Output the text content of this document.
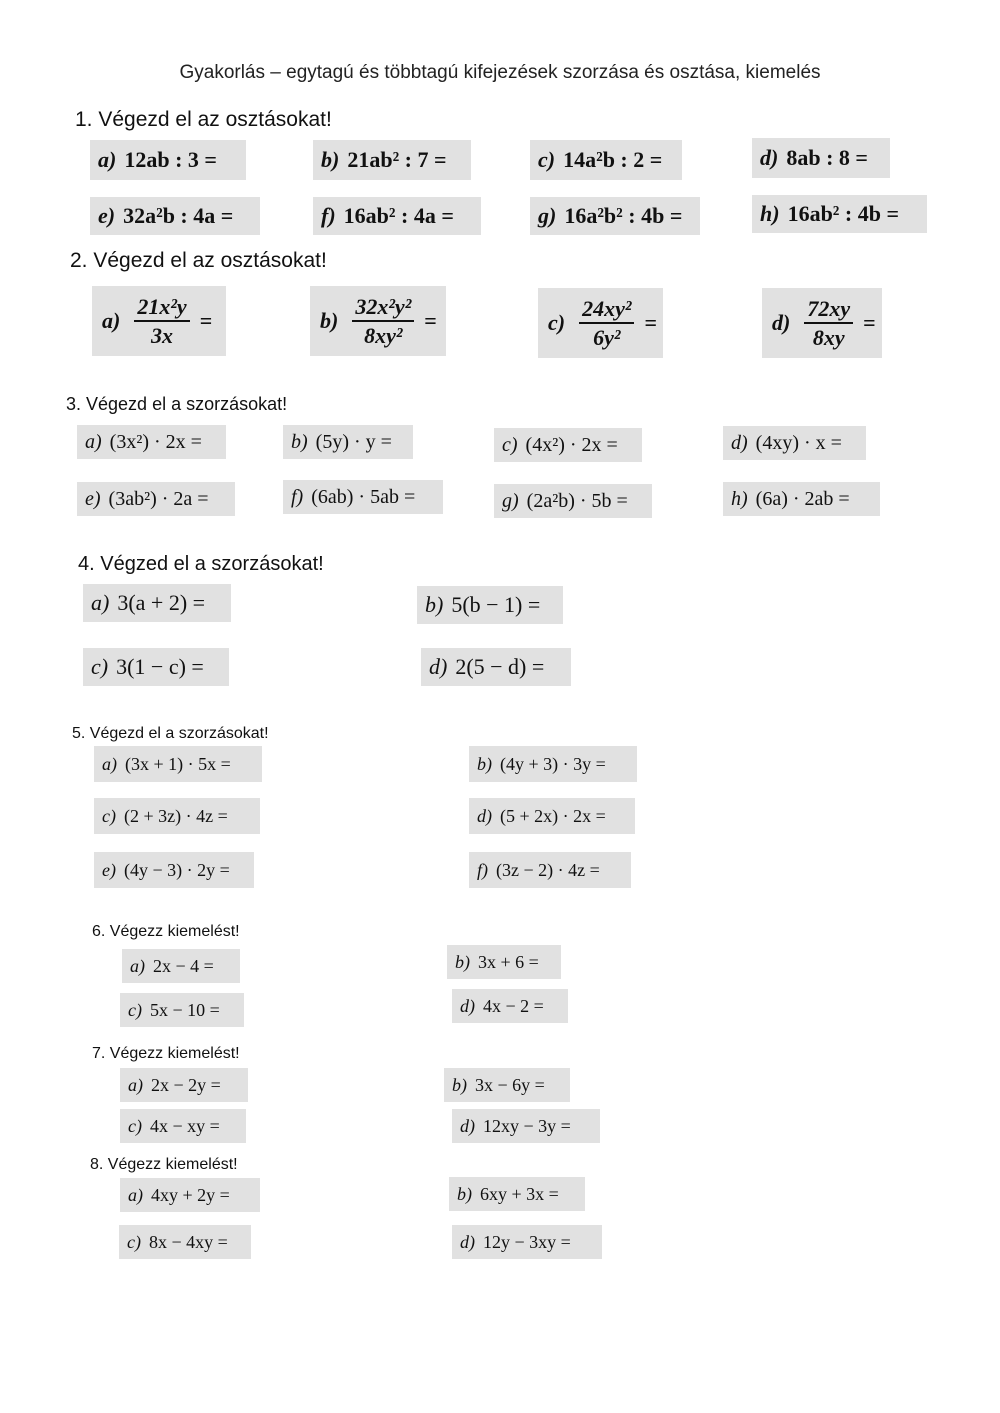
Gyakorlás – egytagú és többtagú kifejezések szorzása és osztása, kiemelés
1. Végezd el az osztásokat!
a) 12ab : 3 =	b) 21ab² : 7 =	c) 14a²b : 2 =	d) 8ab : 8 =
e) 32a²b : 4a =	f) 16ab² : 4a =	g) 16a²b² : 4b =	h) 16ab² : 4b =
2. Végezd el az osztásokat!
$a) \frac{\text{21x²y}}{3x}$ =	$b) \frac{\text{32x²y²}}{\text{8xy²}}$ =	$c) \frac{\text{24xy²}}{\text{6y²}}$ =	$d) \frac{72xy}{8xy}$ =
3. Végezd el a szorzásokat!
a) (3x²) · 2x =	b) (5y) · y =	c) (4x²) · 2x =	d) (4xy) · x =
e) (3ab²) · 2a =	f) (6ab) · 5ab =	g) (2a²b) · 5b =	h) (6a) · 2ab =
4. Végzed el a szorzásokat!
a) 3(a + 2) =	b) 5(b − 1) =
c) 3(1 − c) =	d) 2(5 − d) =
5. Végezd el a szorzásokat!
a) (3x + 1) · 5x =	b) (4y + 3) · 3y =
c) (2 + 3z) · 4z =	d) (5 + 2x) · 2x =
e) (4y − 3) · 2y =	f) (3z − 2) · 4z =
6. Végezz kiemelést!
a) 2x − 4 =	b) 3x + 6 =
c) 5x − 10 =	d) 4x − 2 =
7. Végezz kiemelést!
a) 2x − 2y =	b) 3x − 6y =
c) 4x − xy =	d) 12xy − 3y =
8. Végezz kiemelést!
a) 4xy + 2y =	b) 6xy + 3x =
c) 8x − 4xy =	d) 12y − 3xy =
